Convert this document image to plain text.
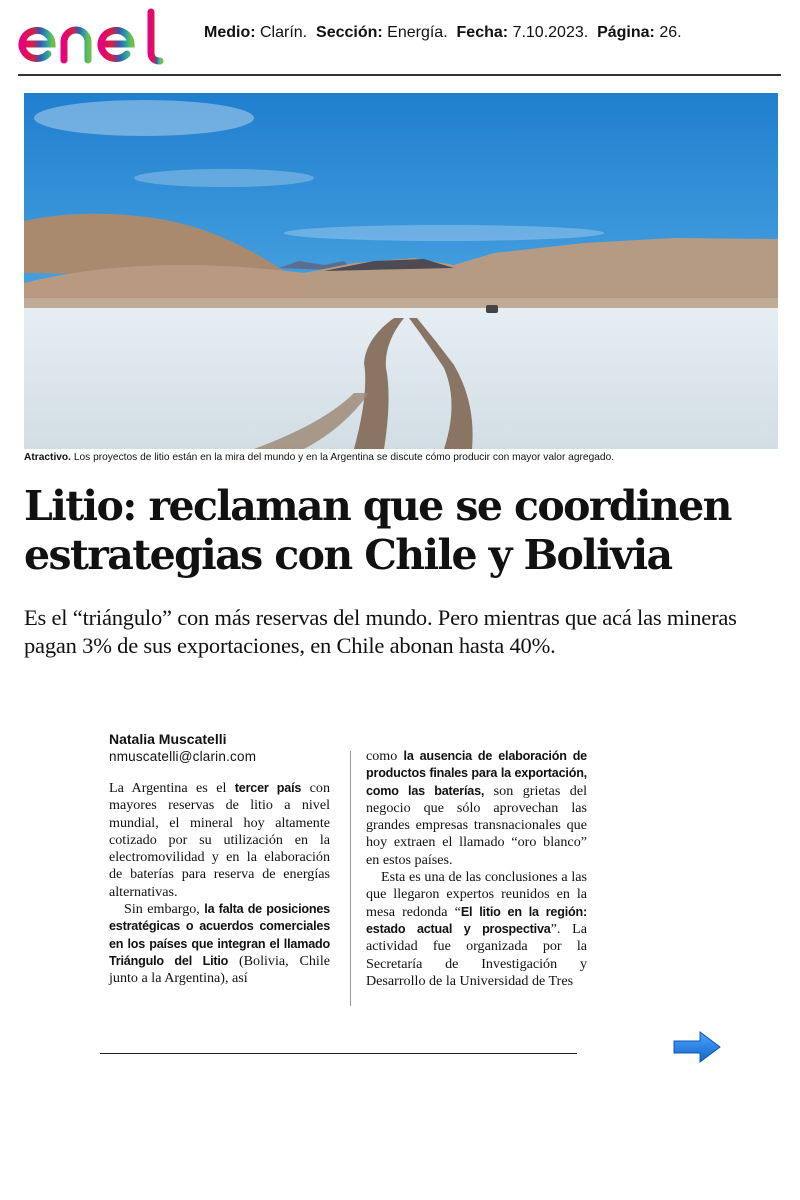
Medio: Clarín. Sección: Energía. Fecha: 7.10.2023. Página: 26.
Atractivo. Los proyectos de litio están en la mira del mundo y en la Argentina se discute cómo producir con mayor valor agregado.
Litio: reclaman que se coordinen
estrategias con Chile y Bolivia

Es el “triángulo” con más reservas del mundo. Pero mientras que acá las mineras pagan 3% de sus exportaciones, en Chile abonan hasta 40%.

Natalia Muscatelli

nmuscatelli@clarin.com

La Argentina es el tercer país con mayores reservas de litio a nivel mundial, el mineral hoy altamente cotizado por su utilización en la electromovilidad y en la elaboración de baterías para reserva de energías alternativas.

Sin embargo, la falta de posiciones estratégicas o acuerdos comerciales en los países que integran el llamado Triángulo del Litio (Bolivia, Chile junto a la Argentina), así

como la ausencia de elaboración de productos finales para la exportación, como las baterías, son grietas del negocio que sólo aprovechan las grandes empresas transnacionales que hoy extraen el llamado “oro blanco” en estos países.

Esta es una de las conclusiones a las que llegaron expertos reunidos en la mesa redonda “El litio en la región: estado actual y prospectiva”. La actividad fue organizada por la Secretaría de Investigación y Desarrollo de la Universidad de Tres
